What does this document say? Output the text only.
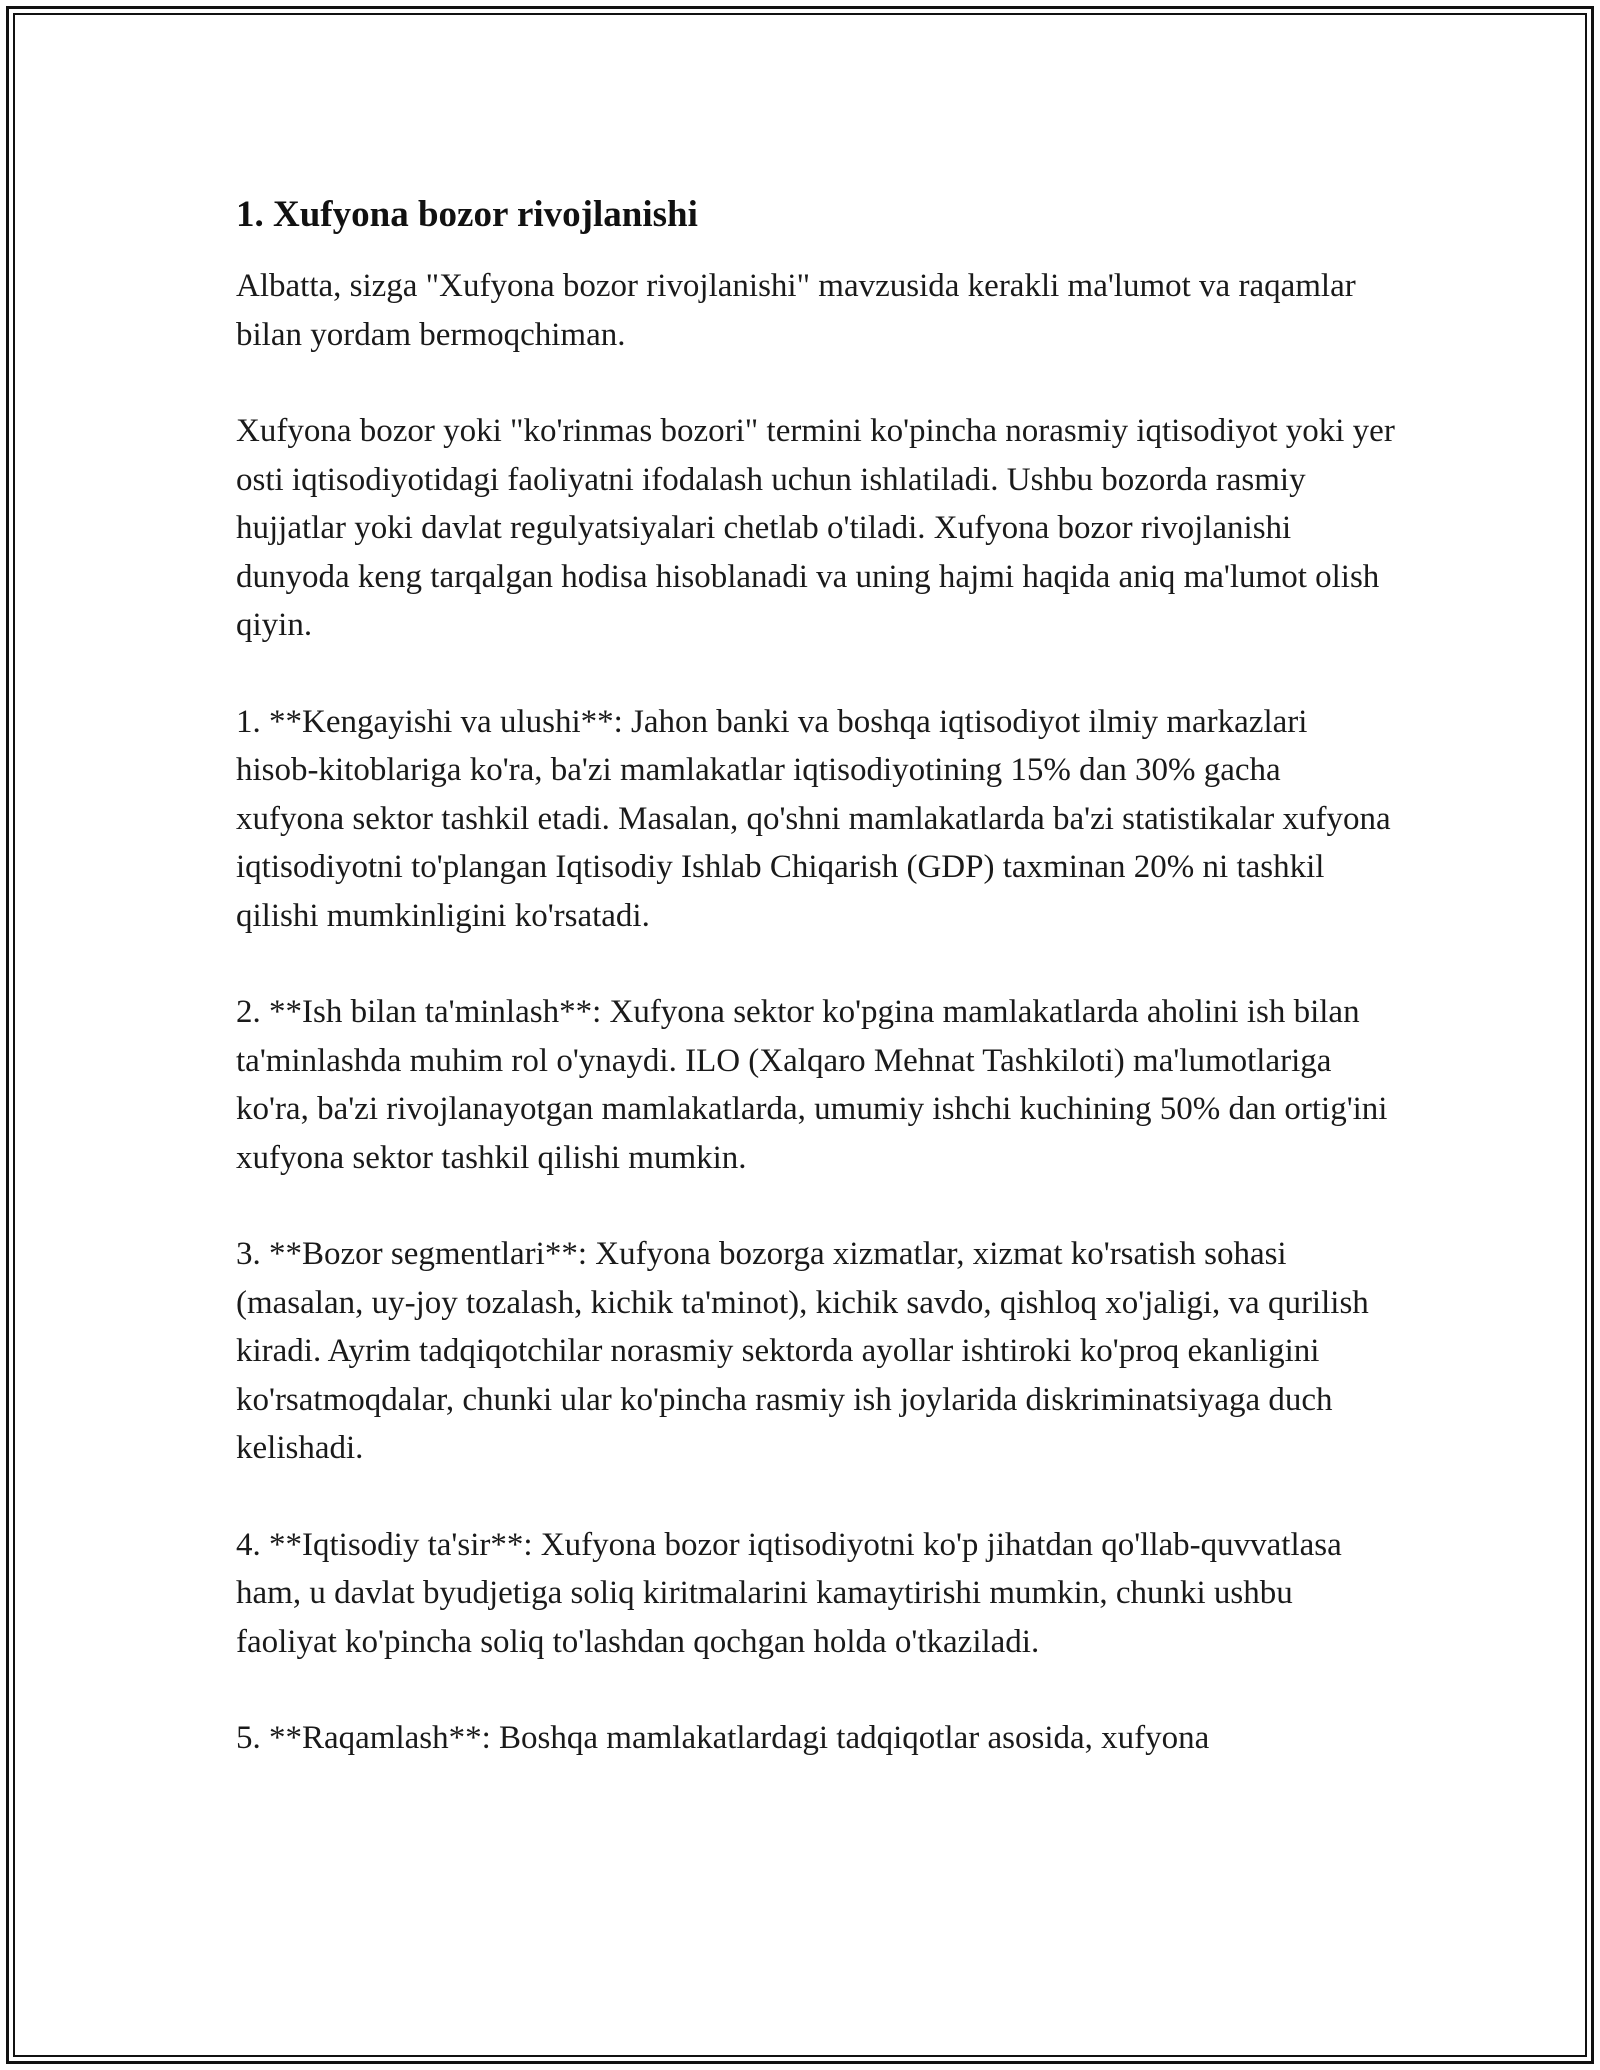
1. Xufyona bozor rivojlanishi

Albatta, sizga "Xufyona bozor rivojlanishi" mavzusida kerakli ma'lumot va raqamlar bilan yordam bermoqchiman.

Xufyona bozor yoki "ko'rinmas bozori" termini ko'pincha norasmiy iqtisodiyot yoki yer osti iqtisodiyotidagi faoliyatni ifodalash uchun ishlatiladi. Ushbu bozorda rasmiy hujjatlar yoki davlat regulyatsiyalari chetlab o'tiladi. Xufyona bozor rivojlanishi dunyoda keng tarqalgan hodisa hisoblanadi va uning hajmi haqida aniq ma'lumot olish qiyin.

1. **Kengayishi va ulushi**: Jahon banki va boshqa iqtisodiyot ilmiy markazlari hisob-kitoblariga ko'ra, ba'zi mamlakatlar iqtisodiyotining 15% dan 30% gacha xufyona sektor tashkil etadi. Masalan, qo'shni mamlakatlarda ba'zi statistikalar xufyona iqtisodiyotni to'plangan Iqtisodiy Ishlab Chiqarish (GDP) taxminan 20% ni tashkil qilishi mumkinligini ko'rsatadi.

2. **Ish bilan ta'minlash**: Xufyona sektor ko'pgina mamlakatlarda aholini ish bilan ta'minlashda muhim rol o'ynaydi. ILO (Xalqaro Mehnat Tashkiloti) ma'lumotlariga ko'ra, ba'zi rivojlanayotgan mamlakatlarda, umumiy ishchi kuchining 50% dan ortig'ini xufyona sektor tashkil qilishi mumkin.

3. **Bozor segmentlari**: Xufyona bozorga xizmatlar, xizmat ko'rsatish sohasi (masalan, uy-joy tozalash, kichik ta'minot), kichik savdo, qishloq xo'jaligi, va qurilish kiradi. Ayrim tadqiqotchilar norasmiy sektorda ayollar ishtiroki ko'proq ekanligini ko'rsatmoqdalar, chunki ular ko'pincha rasmiy ish joylarida diskriminatsiyaga duch kelishadi.

4. **Iqtisodiy ta'sir**: Xufyona bozor iqtisodiyotni ko'p jihatdan qo'llab-quvvatlasa ham, u davlat byudjetiga soliq kiritmalarini kamaytirishi mumkin, chunki ushbu faoliyat ko'pincha soliq to'lashdan qochgan holda o'tkaziladi.

5. **Raqamlash**: Boshqa mamlakatlardagi tadqiqotlar asosida, xufyona
